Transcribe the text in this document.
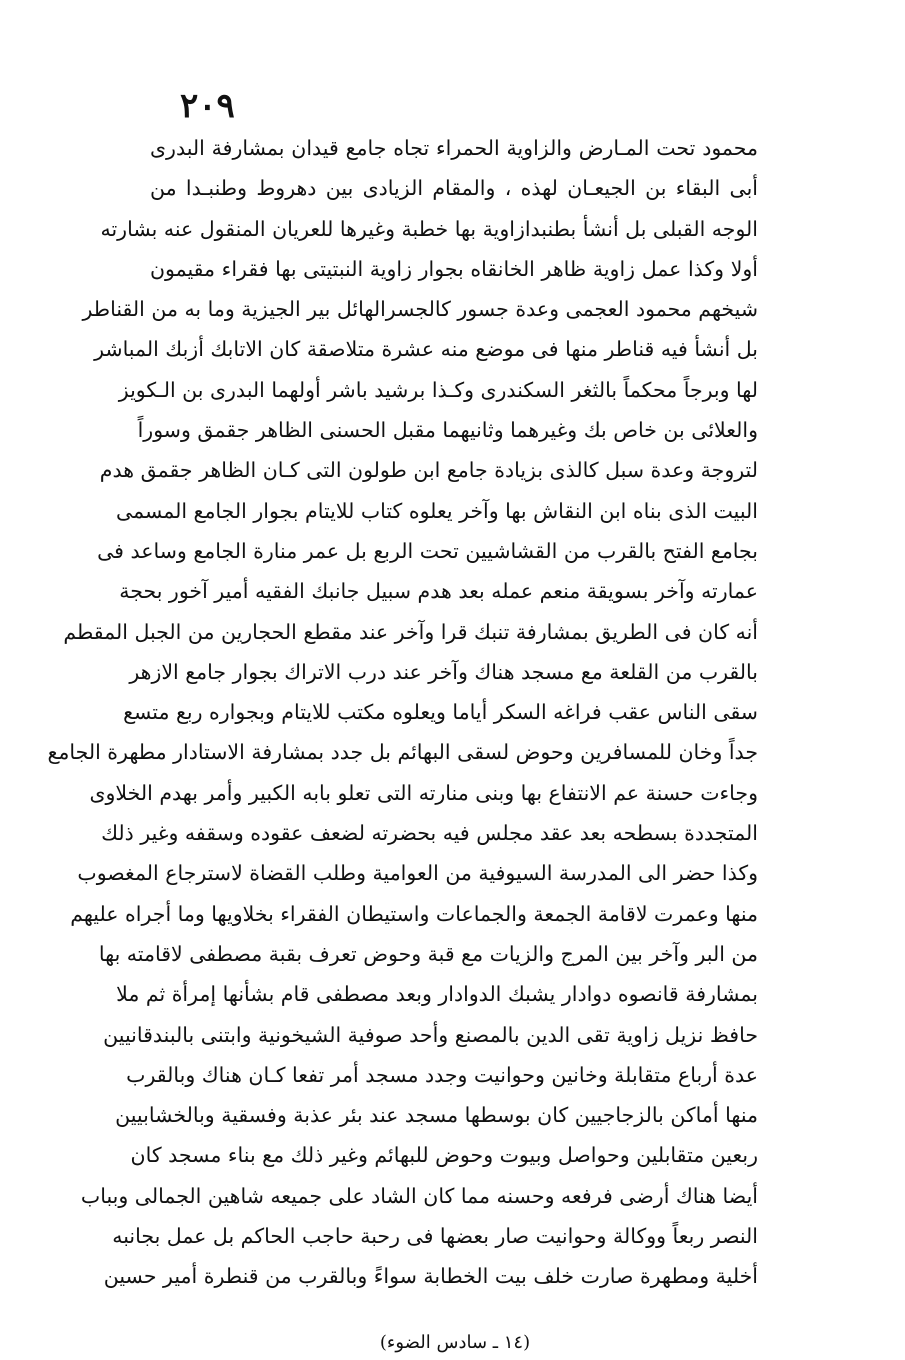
٢٠٩
محمود تحت المـارض والزاوية الحمراء تجاه جامع قيدان بمشارفة البدرى
أبى البقاء بن الجيعـان لهذه ، والمقام الزيادى بين دهروط وطنبـدا من
الوجه القبلى بل أنشأ بطنبدازاوية بها خطبة وغيرها للعريان المنقول عنه بشارته
أولا وكذا عمل زاوية ظاهر الخانقاه بجوار زاوية النبتيتى بها فقراء مقيمون
شيخهم محمود العجمى وعدة جسور كالجسرالهائل بير الجيزية وما به من القناطر
بل أنشأ فيه قناطر منها فى موضع منه عشرة متلاصقة كان الاتابك أزبك المباشر
لها وبرجاً محكماً بالثغر السكندرى وكـذا برشيد باشر أولهما البدرى بن الـكويز
والعلائى بن خاص بك وغيرهما وثانيهما مقبل الحسنى الظاهر جقمق وسوراً
لتروجة وعدة سبل كالذى بزيادة جامع ابن طولون التى كـان الظاهر جقمق هدم
البيت الذى بناه ابن النقاش بها وآخر يعلوه كتاب للايتام بجوار الجامع المسمى
بجامع الفتح بالقرب من القشاشيين تحت الربع بل عمر منارة الجامع وساعد فى
عمارته وآخر بسويقة منعم عمله بعد هدم سبيل جانبك الفقيه أمير آخور بحجة
أنه كان فى الطريق بمشارفة تنبك قرا وآخر عند مقطع الحجارين من الجبل المقطم
بالقرب من القلعة مع مسجد هناك وآخر عند درب الاتراك بجوار جامع الازهر
سقى الناس عقب فراغه السكر أياما ويعلوه مكتب للايتام وبجواره ربع متسع
جداً وخان للمسافرين وحوض لسقى البهائم بل جدد بمشارفة الاستادار مطهرة الجامع
وجاءت حسنة عم الانتفاع بها وبنى منارته التى تعلو بابه الكبير وأمر بهدم الخلاوى
المتجددة بسطحه بعد عقد مجلس فيه بحضرته لضعف عقوده وسقفه وغير ذلك
وكذا حضر الى المدرسة السيوفية من العوامية وطلب القضاة لاسترجاع المغصوب
منها وعمرت لاقامة الجمعة والجماعات واستيطان الفقراء بخلاويها وما أجراه عليهم
من البر وآخر بين المرج والزيات مع قبة وحوض تعرف بقبة مصطفى لاقامته بها
بمشارفة قانصوه دوادار يشبك الدوادار وبعد مصطفى قام بشأنها إمرأة ثم ملا
حافظ نزيل زاوية تقى الدين بالمصنع وأحد صوفية الشيخونية وابتنى بالبندقانيين
عدة أرباع متقابلة وخانين وحوانيت وجدد مسجد أمر تفعا كـان هناك وبالقرب
منها أماكن بالزجاجيين كان بوسطها مسجد عند بئر عذبة وفسقية وبالخشابيين
ربعين متقابلين وحواصل وبيوت وحوض للبهائم وغير ذلك مع بناء مسجد كان
أيضا هناك أرضى فرفعه وحسنه مما كان الشاد على جميعه شاهين الجمالى وبباب
النصر ربعاً ووكالة وحوانيت صار بعضها فى رحبة حاجب الحاكم بل عمل بجانبه
أخلية ومطهرة صارت خلف بيت الخطابة سواءً وبالقرب من قنطرة أمير حسين
(١٤ ـ سادس الضوء)
